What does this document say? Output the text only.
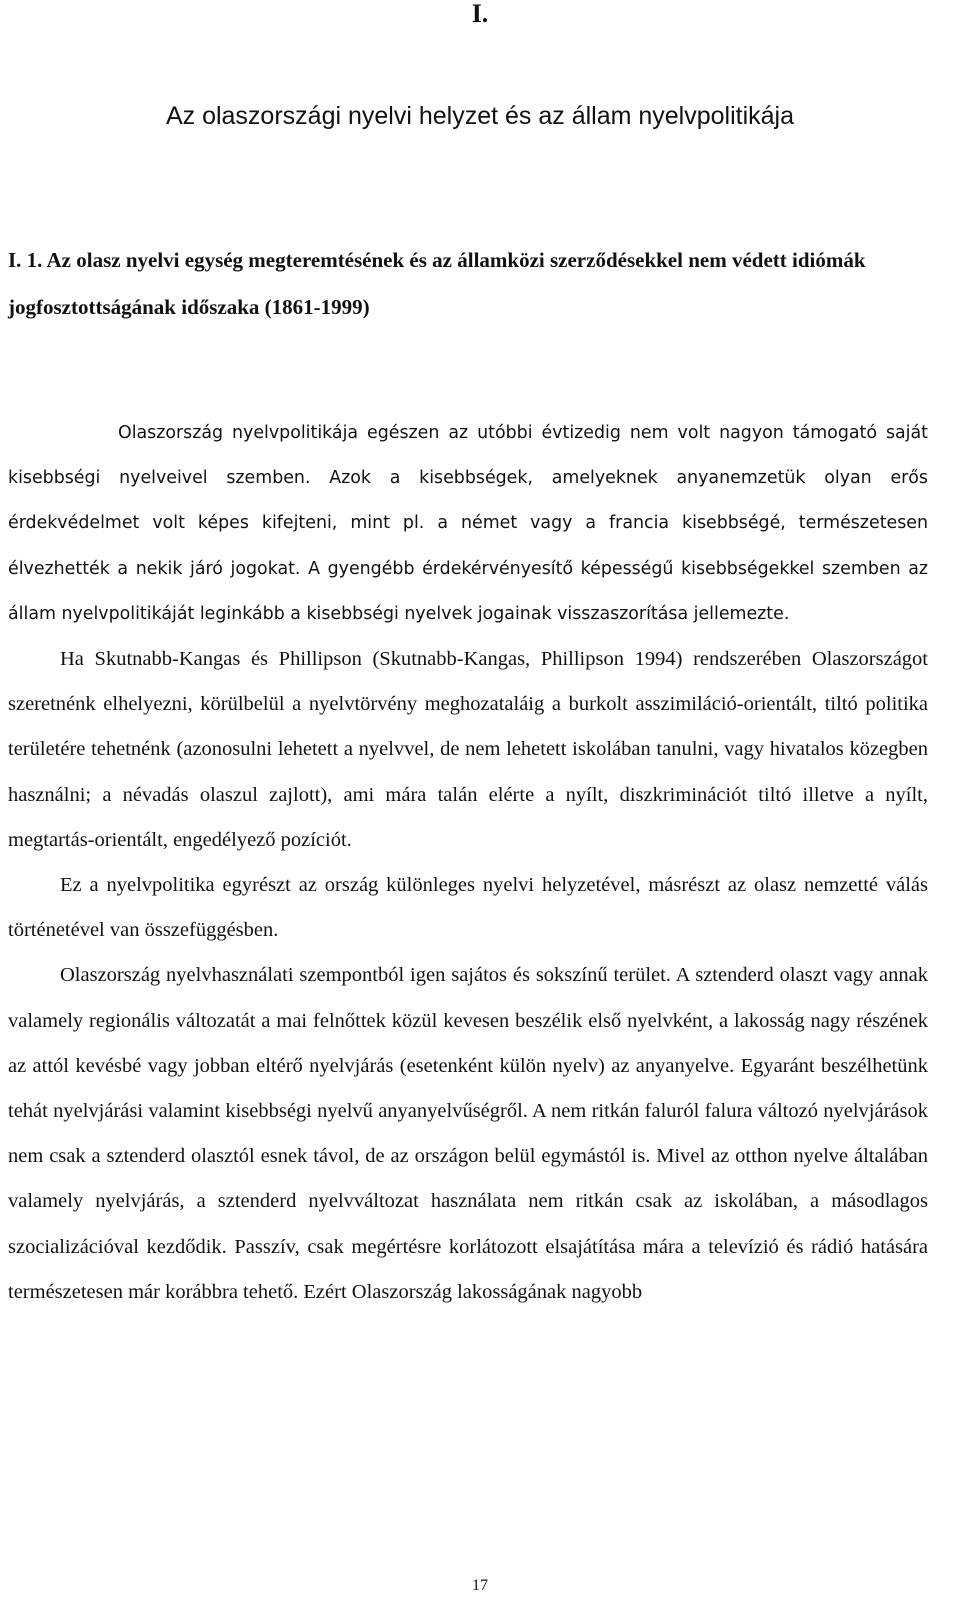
I.
Az olaszországi nyelvi helyzet és az állam nyelvpolitikája
I. 1. Az olasz nyelvi egység megteremtésének és az államközi szerződésekkel nem védett idiómák jogfosztottságának időszaka (1861-1999)

Olaszország nyelvpolitikája egészen az utóbbi évtizedig nem volt nagyon támogató saját kisebbségi nyelveivel szemben. Azok a kisebbségek, amelyeknek anyanemzetük olyan erős érdekvédelmet volt képes kifejteni, mint pl. a német vagy a francia kisebbségé, természetesen élvezhették a nekik járó jogokat. A gyengébb érdekérvényesítő képességű kisebbségekkel szemben az állam nyelvpolitikáját leginkább a kisebbségi nyelvek jogainak visszaszorítása jellemezte.

Ha Skutnabb-Kangas és Phillipson (Skutnabb-Kangas, Phillipson 1994) rendszerében Olaszországot szeretnénk elhelyezni, körülbelül a nyelvtörvény meghozataláig a burkolt asszimiláció-orientált, tiltó politika területére tehetnénk (azonosulni lehetett a nyelvvel, de nem lehetett iskolában tanulni, vagy hivatalos közegben használni; a névadás olaszul zajlott), ami mára talán elérte a nyílt, diszkriminációt tiltó illetve a nyílt, megtartás-orientált, engedélyező pozíciót.

Ez a nyelvpolitika egyrészt az ország különleges nyelvi helyzetével, másrészt az olasz nemzetté válás történetével van összefüggésben.

Olaszország nyelvhasználati szempontból igen sajátos és sokszínű terület. A sztenderd olaszt vagy annak valamely regionális változatát a mai felnőttek közül kevesen beszélik első nyelvként, a lakosság nagy részének az attól kevésbé vagy jobban eltérő nyelvjárás (esetenként külön nyelv) az anyanyelve. Egyaránt beszélhetünk tehát nyelvjárási valamint kisebbségi nyelvű anyanyelvűségről. A nem ritkán faluról falura változó nyelvjárások nem csak a sztenderd olasztól esnek távol, de az országon belül egymástól is. Mivel az otthon nyelve általában valamely nyelvjárás, a sztenderd nyelvváltozat használata nem ritkán csak az iskolában, a másodlagos szocializációval kezdődik. Passzív, csak megértésre korlátozott elsajátítása mára a televízió és rádió hatására természetesen már korábbra tehető. Ezért Olaszország lakosságának nagyobb

17
